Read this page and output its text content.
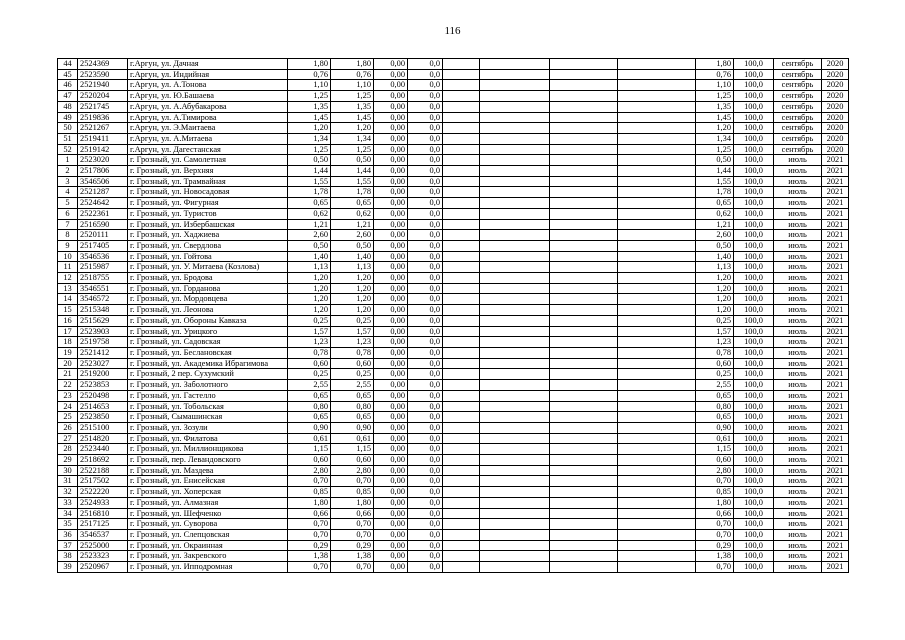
116
44	2524369	г.Аргун, ул. Дачная	1,80	1,80	0,00	0,0					1,80	100,0	сентябрь	2020
45	2523590	г.Аргун, ул. Индийная	0,76	0,76	0,00	0,0					0,76	100,0	сентябрь	2020
46	2521940	г.Аргун, ул. А.Тонова	1,10	1,10	0,00	0,0					1,10	100,0	сентябрь	2020
47	2520204	г.Аргун, ул. Ю.Башаева	1,25	1,25	0,00	0,0					1,25	100,0	сентябрь	2020
48	2521745	г.Аргун, ул. А.Абубакарова	1,35	1,35	0,00	0,0					1,35	100,0	сентябрь	2020
49	2519836	г.Аргун, ул. А.Тимирова	1,45	1,45	0,00	0,0					1,45	100,0	сентябрь	2020
50	2521267	г.Аргун, ул. Э.Маитаева	1,20	1,20	0,00	0,0					1,20	100,0	сентябрь	2020
51	2519411	г.Аргун, ул. А.Митаева	1,34	1,34	0,00	0,0					1,34	100,0	сентябрь	2020
52	2519142	г.Аргун, ул. Дагестанская	1,25	1,25	0,00	0,0					1,25	100,0	сентябрь	2020
1	2523020	г. Грозный, ул. Самолетная	0,50	0,50	0,00	0,0					0,50	100,0	июль	2021
2	2517806	г. Грозный, ул. Верхняя	1,44	1,44	0,00	0,0					1,44	100,0	июль	2021
3	3546506	г. Грозный, ул. Трамвайная	1,55	1,55	0,00	0,0					1,55	100,0	июль	2021
4	2521287	г. Грозный, ул. Новосадовая	1,78	1,78	0,00	0,0					1,78	100,0	июль	2021
5	2524642	г. Грозный, ул. Фигурная	0,65	0,65	0,00	0,0					0,65	100,0	июль	2021
6	2522361	г. Грозный, ул. Туристов	0,62	0,62	0,00	0,0					0,62	100,0	июль	2021
7	2516590	г. Грозный, ул. Избербашская	1,21	1,21	0,00	0,0					1,21	100,0	июль	2021
8	2520111	г. Грозный, ул. Хаджиева	2,60	2,60	0,00	0,0					2,60	100,0	июль	2021
9	2517405	г. Грозный, ул. Свердлова	0,50	0,50	0,00	0,0					0,50	100,0	июль	2021
10	3546536	г. Грозный, ул. Гойтова	1,40	1,40	0,00	0,0					1,40	100,0	июль	2021
11	2515987	г. Грозный, ул. У. Митаева (Козлова)	1,13	1,13	0,00	0,0					1,13	100,0	июль	2021
12	2518755	г. Грозный, ул. Бродова	1,20	1,20	0,00	0,0					1,20	100,0	июль	2021
13	3546551	г. Грозный, ул. Горданова	1,20	1,20	0,00	0,0					1,20	100,0	июль	2021
14	3546572	г. Грозный, ул. Мордовцева	1,20	1,20	0,00	0,0					1,20	100,0	июль	2021
15	2515348	г. Грозный, ул. Леонова	1,20	1,20	0,00	0,0					1,20	100,0	июль	2021
16	2515629	г. Грозный, ул. Обороны Кавказа	0,25	0,25	0,00	0,0					0,25	100,0	июль	2021
17	2523903	г. Грозный, ул. Урицкого	1,57	1,57	0,00	0,0					1,57	100,0	июль	2021
18	2519758	г. Грозный, ул. Садовская	1,23	1,23	0,00	0,0					1,23	100,0	июль	2021
19	2521412	г. Грозный, ул. Беслановская	0,78	0,78	0,00	0,0					0,78	100,0	июль	2021
20	2523027	г. Грозный, ул. Академика Ибрагимова	0,60	0,60	0,00	0,0					0,60	100,0	июль	2021
21	2519200	г. Грозный, 2 пер. Сухумский	0,25	0,25	0,00	0,0					0,25	100,0	июль	2021
22	2523853	г. Грозный, ул. Заболотного	2,55	2,55	0,00	0,0					2,55	100,0	июль	2021
23	2520498	г. Грозный, ул. Гастелло	0,65	0,65	0,00	0,0					0,65	100,0	июль	2021
24	2514653	г. Грозный, ул. Тобольская	0,80	0,80	0,00	0,0					0,80	100,0	июль	2021
25	2523850	г. Грозный, Сымашинская	0,65	0,65	0,00	0,0					0,65	100,0	июль	2021
26	2515100	г. Грозный, ул. Зозули	0,90	0,90	0,00	0,0					0,90	100,0	июль	2021
27	2514820	г. Грозный, ул. Филатова	0,61	0,61	0,00	0,0					0,61	100,0	июль	2021
28	2523440	г. Грозный, ул. Миллионщикова	1,15	1,15	0,00	0,0					1,15	100,0	июль	2021
29	2518692	г. Грозный, пер. Левандовского	0,60	0,60	0,00	0,0					0,60	100,0	июль	2021
30	2522188	г. Грозный, ул. Маздева	2,80	2,80	0,00	0,0					2,80	100,0	июль	2021
31	2517502	г. Грозный, ул. Енисейская	0,70	0,70	0,00	0,0					0,70	100,0	июль	2021
32	2522220	г. Грозный, ул. Хоперская	0,85	0,85	0,00	0,0					0,85	100,0	июль	2021
33	2524933	г. Грозный, ул. Алмазная	1,80	1,80	0,00	0,0					1,80	100,0	июль	2021
34	2516810	г. Грозный, ул. Шефченко	0,66	0,66	0,00	0,0					0,66	100,0	июль	2021
35	2517125	г. Грозный, ул. Суворова	0,70	0,70	0,00	0,0					0,70	100,0	июль	2021
36	3546537	г. Грозный, ул. Слепцовская	0,70	0,70	0,00	0,0					0,70	100,0	июль	2021
37	2525000	г. Грозный, ул. Окраинная	0,29	0,29	0,00	0,0					0,29	100,0	июль	2021
38	2523323	г. Грозный, ул. Закревского	1,38	1,38	0,00	0,0					1,38	100,0	июль	2021
39	2520967	г. Грозный, ул. Ипподромная	0,70	0,70	0,00	0,0					0,70	100,0	июль	2021
